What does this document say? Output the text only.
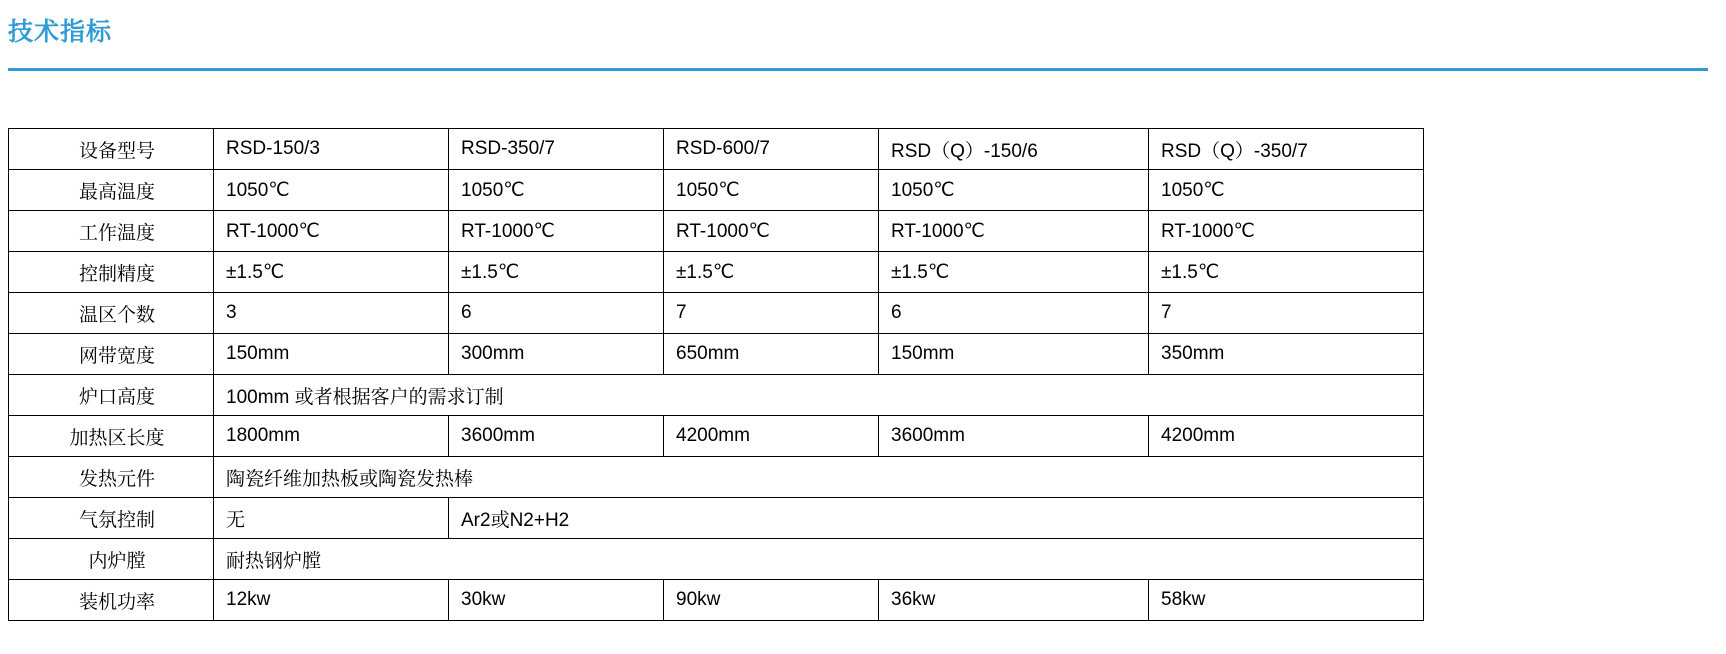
技术指标
设备型号	RSD-150/3	RSD-350/7	RSD-600/7	RSD（Q）-150/6	RSD（Q）-350/7
最高温度	1050℃	1050℃	1050℃	1050℃	1050℃
工作温度	RT-1000℃	RT-1000℃	RT-1000℃	RT-1000℃	RT-1000℃
控制精度	±1.5℃	±1.5℃	±1.5℃	±1.5℃	±1.5℃
温区个数	3	6	7	6	7
网带宽度	150mm	300mm	650mm	150mm	350mm
炉口高度	100mm 或者根据客户的需求订制				
加热区长度	1800mm	3600mm	4200mm	3600mm	4200mm
发热元件	陶瓷纤维加热板或陶瓷发热棒				
气氛控制	无	Ar2或N2+H2			
内炉膛	耐热钢炉膛				
装机功率	12kw	30kw	90kw	36kw	58kw
